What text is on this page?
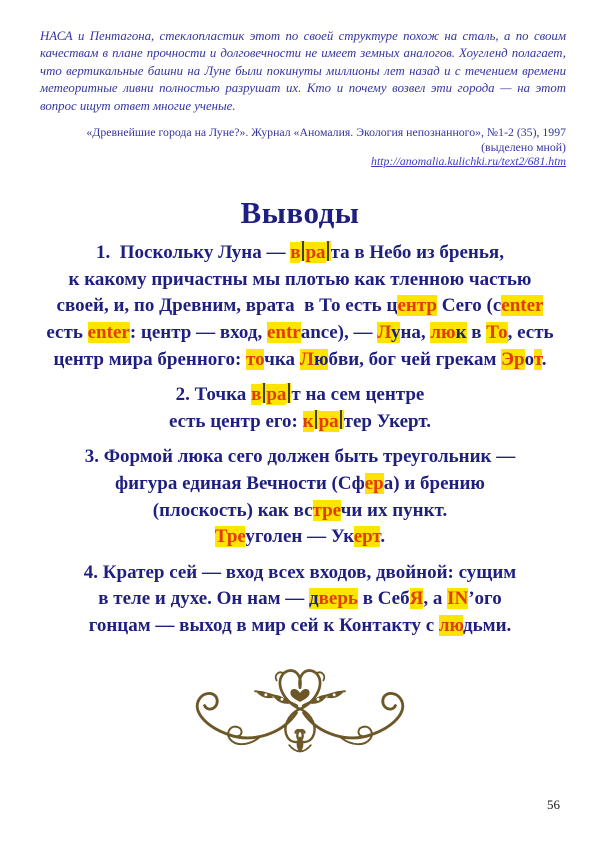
НАСА и Пентагона, стеклопластик этот по своей структуре похож на сталь, а по своим качествам в плане прочности и долговечности не имеет земных аналогов. Хоугленд полагает, что вертикальные башни на Луне были покинуты миллионы лет назад и с течением времени метеоритные ливни полностью разрушат их. Кто и почему возвел эти города — на этот вопрос ищут ответ многие ученые.

«Древнейшие города на Луне?». Журнал «Аномалия. Экология непознанного», №1-2 (35), 1997
(выделено мной)
http://anomalia.kulichki.ru/text2/681.htm
Выводы
1.  Поскольку Луна — в ра та в Небо из бренья,
к какому причастны мы плотью как тленною частью
своей, и, по Древним, врата  в То есть центр Сего (center
есть enter: центр — вход, entrance), — Луна, люк в То, есть
центр мира бренного: точка Любви, бог чей грекам Эрот.
2. Точка в ра т на сем центре
есть центр его: к ра тер Укерт.
3. Формой люка сего должен быть треугольник —
фигура единая Вечности (Сфера) и брению
(плоскость) как встречи их пункт.
Треуголен — Укерт.
4. Кратер сей — вход всех входов, двойной: сущим
в теле и духе. Он нам — дверь в СебЯ, а IN’ого
гонцам — выход в мир сей к Контакту с людьми.
56
